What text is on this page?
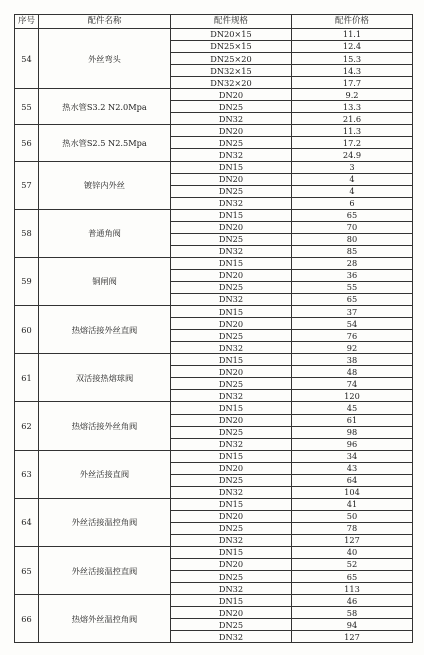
序号	配件名称	配件规格	配件价格
54	外丝弯头	DN20×15	11.1
		DN25×15	12.4
		DN25×20	15.3
		DN32×15	14.3
		DN32×20	17.7
55	热水管S3.2 N2.0Mpa	DN20	9.2
		DN25	13.3
		DN32	21.6
56	热水管S2.5 N2.5Mpa	DN20	11.3
		DN25	17.2
		DN32	24.9
57	镀锌内外丝	DN15	3
		DN20	4
		DN25	4
		DN32	6
58	普通角阀	DN15	65
		DN20	70
		DN25	80
		DN32	85
59	铜闸阀	DN15	28
		DN20	36
		DN25	55
		DN32	65
60	热熔活接外丝直阀	DN15	37
		DN20	54
		DN25	76
		DN32	92
61	双活接热熔球阀	DN15	38
		DN20	48
		DN25	74
		DN32	120
62	热熔活接外丝角阀	DN15	45
		DN20	61
		DN25	98
		DN32	96
63	外丝活接直阀	DN15	34
		DN20	43
		DN25	64
		DN32	104
64	外丝活接温控角阀	DN15	41
		DN20	50
		DN25	78
		DN32	127
65	外丝活接温控直阀	DN15	40
		DN20	52
		DN25	65
		DN32	113
66	热熔外丝温控角阀	DN15	46
		DN20	58
		DN25	94
		DN32	127
